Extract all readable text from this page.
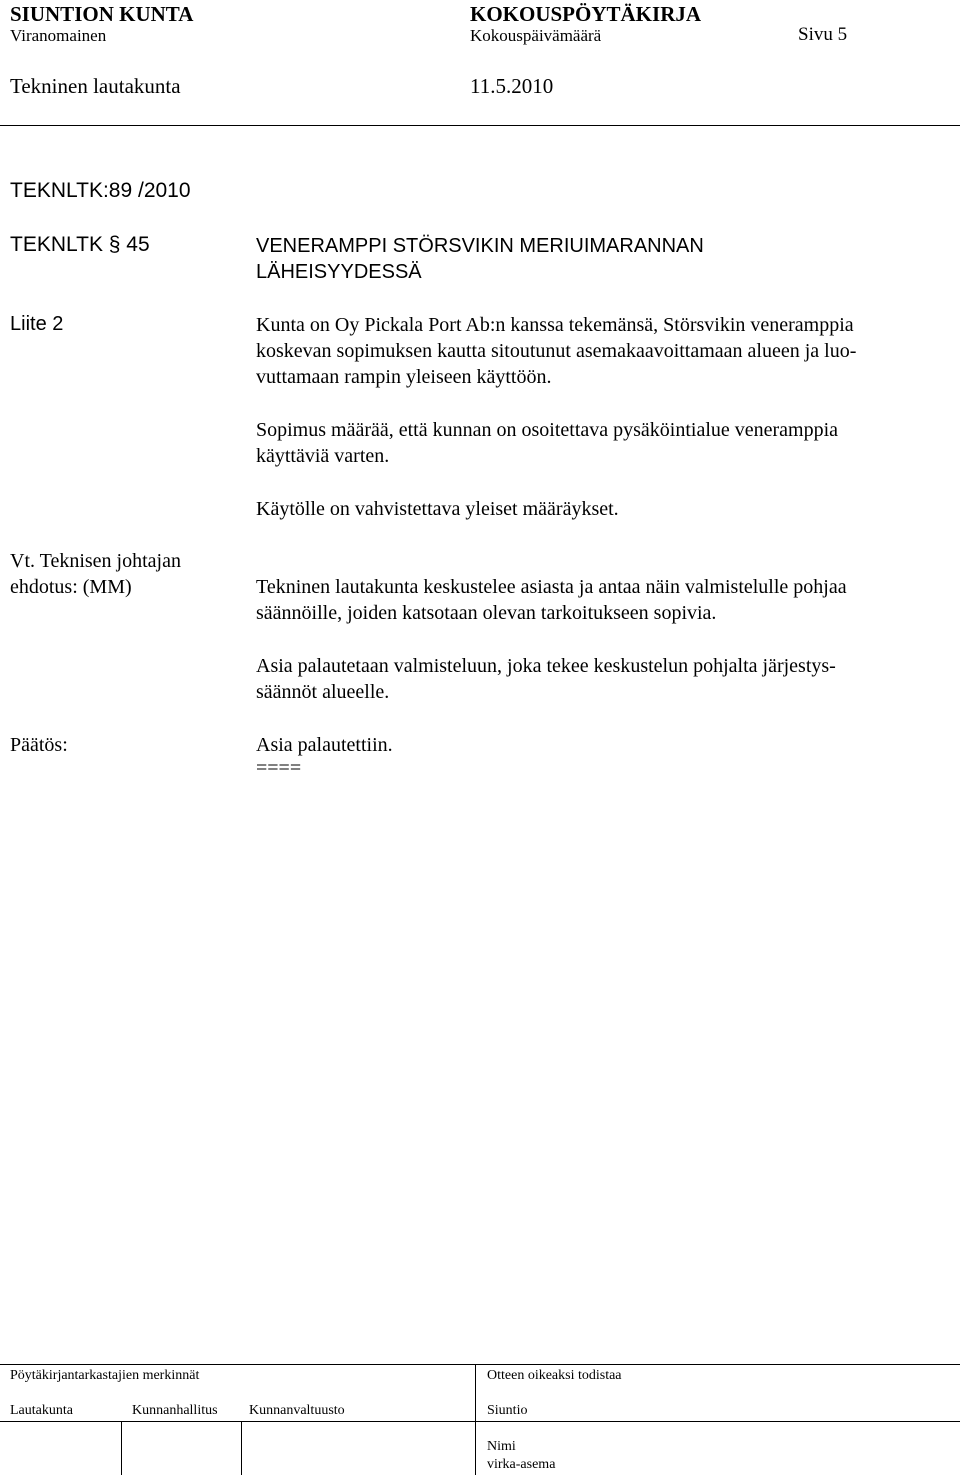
SIUNTION KUNTA	KOKOUSPÖYTÄKIRJA
Viranomainen	Kokouspäivämäärä	Sivu 5
Tekninen lautakunta	11.5.2010
TEKNLTK:89 /2010
TEKNLTK § 45	VENERAMPPI STÖRSVIKIN MERIUIMARANNAN
LÄHEISYYDESSÄ
Liite 2	Kunta on Oy Pickala Port Ab:n kanssa tekemänsä, Störsvikin veneramppia
koskevan sopimuksen kautta sitoutunut asemakaavoittamaan alueen ja luo-
vuttamaan rampin yleiseen käyttöön.
Sopimus määrää, että kunnan on osoitettava pysäköintialue veneramppia
käyttäviä varten.
Käytölle on vahvistettava yleiset määräykset.
Vt. Teknisen johtajan
ehdotus: (MM)	Tekninen lautakunta keskustelee asiasta ja antaa näin valmistelulle pohjaa
säännöille, joiden katsotaan olevan tarkoitukseen sopivia.
Asia palautetaan valmisteluun, joka tekee keskustelun pohjalta järjestys-
säännöt alueelle.
Päätös:	Asia palautettiin.
====
Pöytäkirjantarkastajien merkinnät	Otteen oikeaksi todistaa
Lautakunta	Kunnanhallitus Kunnanvaltuusto	Siuntio
Nimi
virka-asema
